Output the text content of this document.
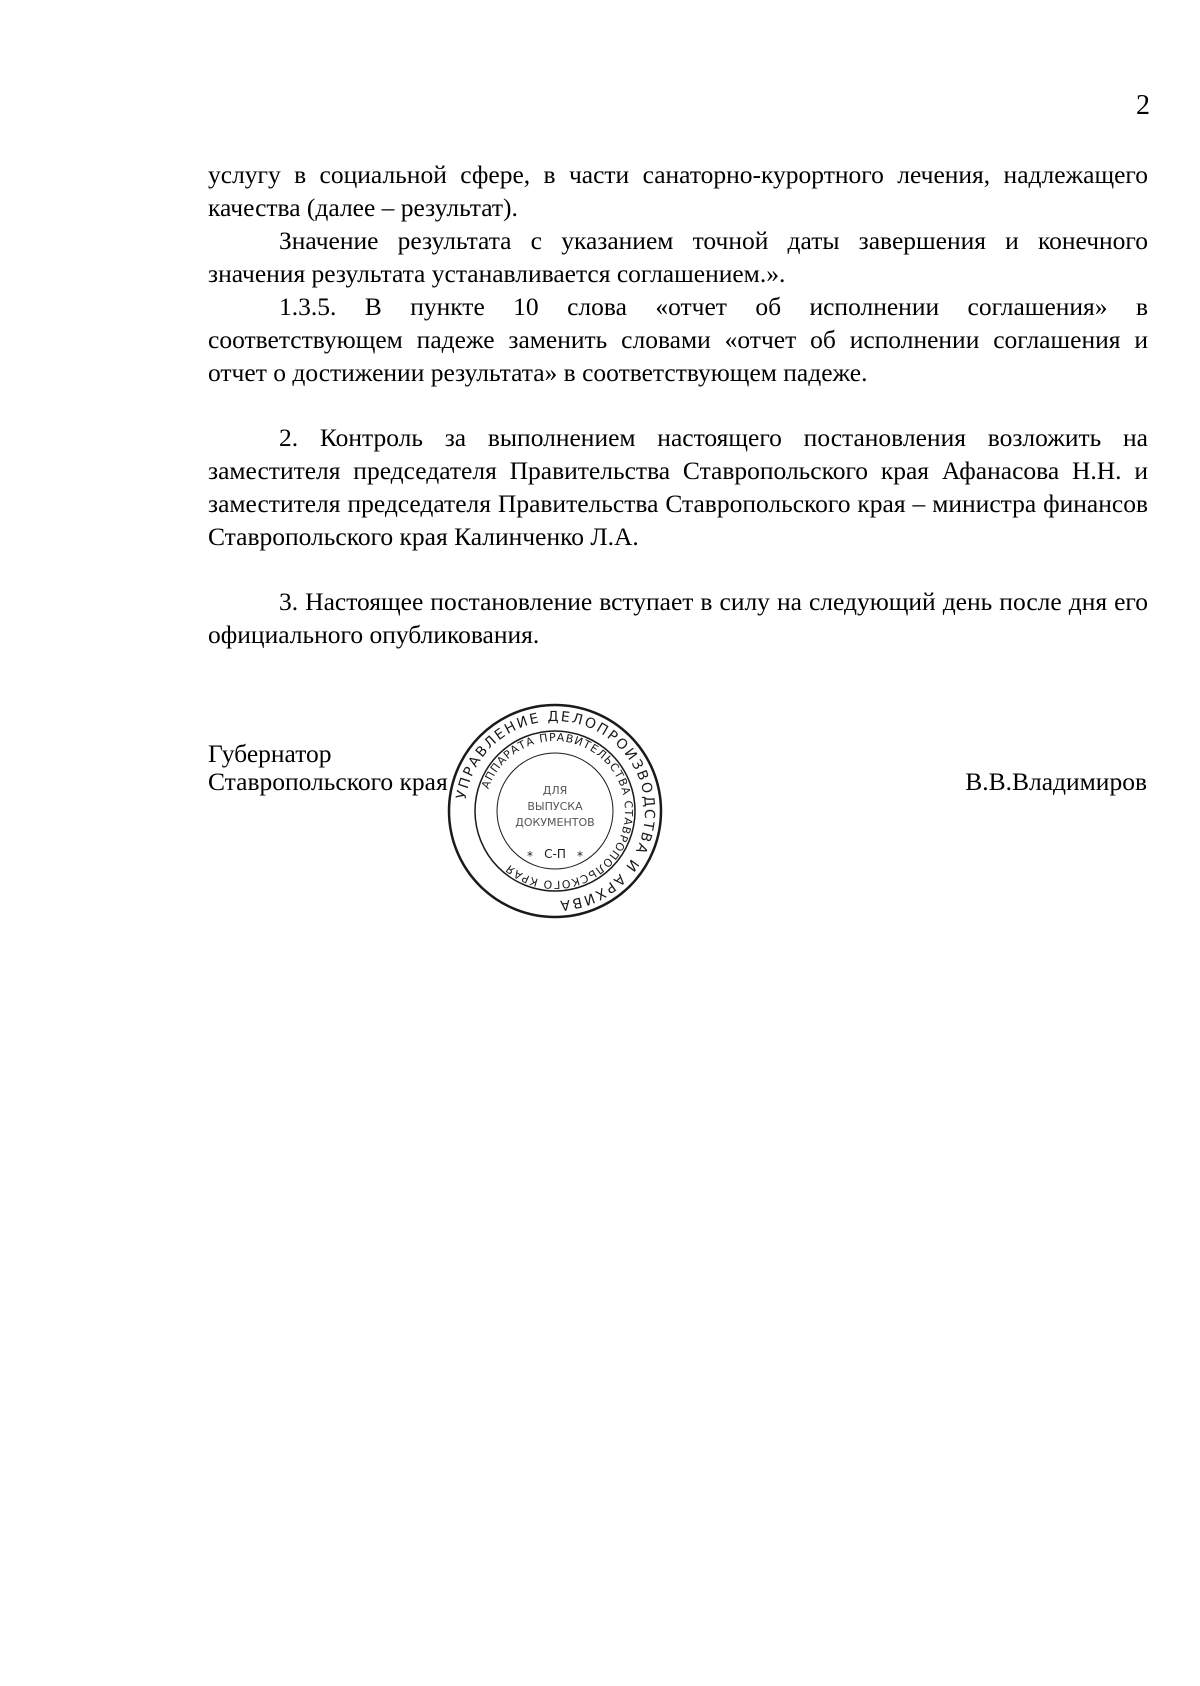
2

услугу в социальной сфере, в части санаторно-курортного лечения, надлежащего качества (далее – результат).

Значение результата с указанием точной даты завершения и конечного значения результата устанавливается соглашением.».

1.3.5. В пункте 10 слова «отчет об исполнении соглашения» в соответствующем падеже заменить словами «отчет об исполнении соглашения и отчет о достижении результата» в соответствующем падеже.

2. Контроль за выполнением настоящего постановления возложить на заместителя председателя Правительства Ставропольского края Афанасова Н.Н. и заместителя председателя Правительства Ставропольского края – министра финансов Ставропольского края Калинченко Л.А.

3. Настоящее постановление вступает в силу на следующий день после дня его официального опубликования.

Губернатор
Ставропольского края	В.В.Владимиров
УПРАВЛЕНИЕ ДЕЛОПРОИЗВОДСТВА И АРХИВА
АППАРАТА ПРАВИТЕЛЬСТВА СТАВРОПОЛЬСКОГО КРАЯ
ДЛЯ
ВЫПУСКА
ДОКУМЕНТОВ
С-П
*	*
